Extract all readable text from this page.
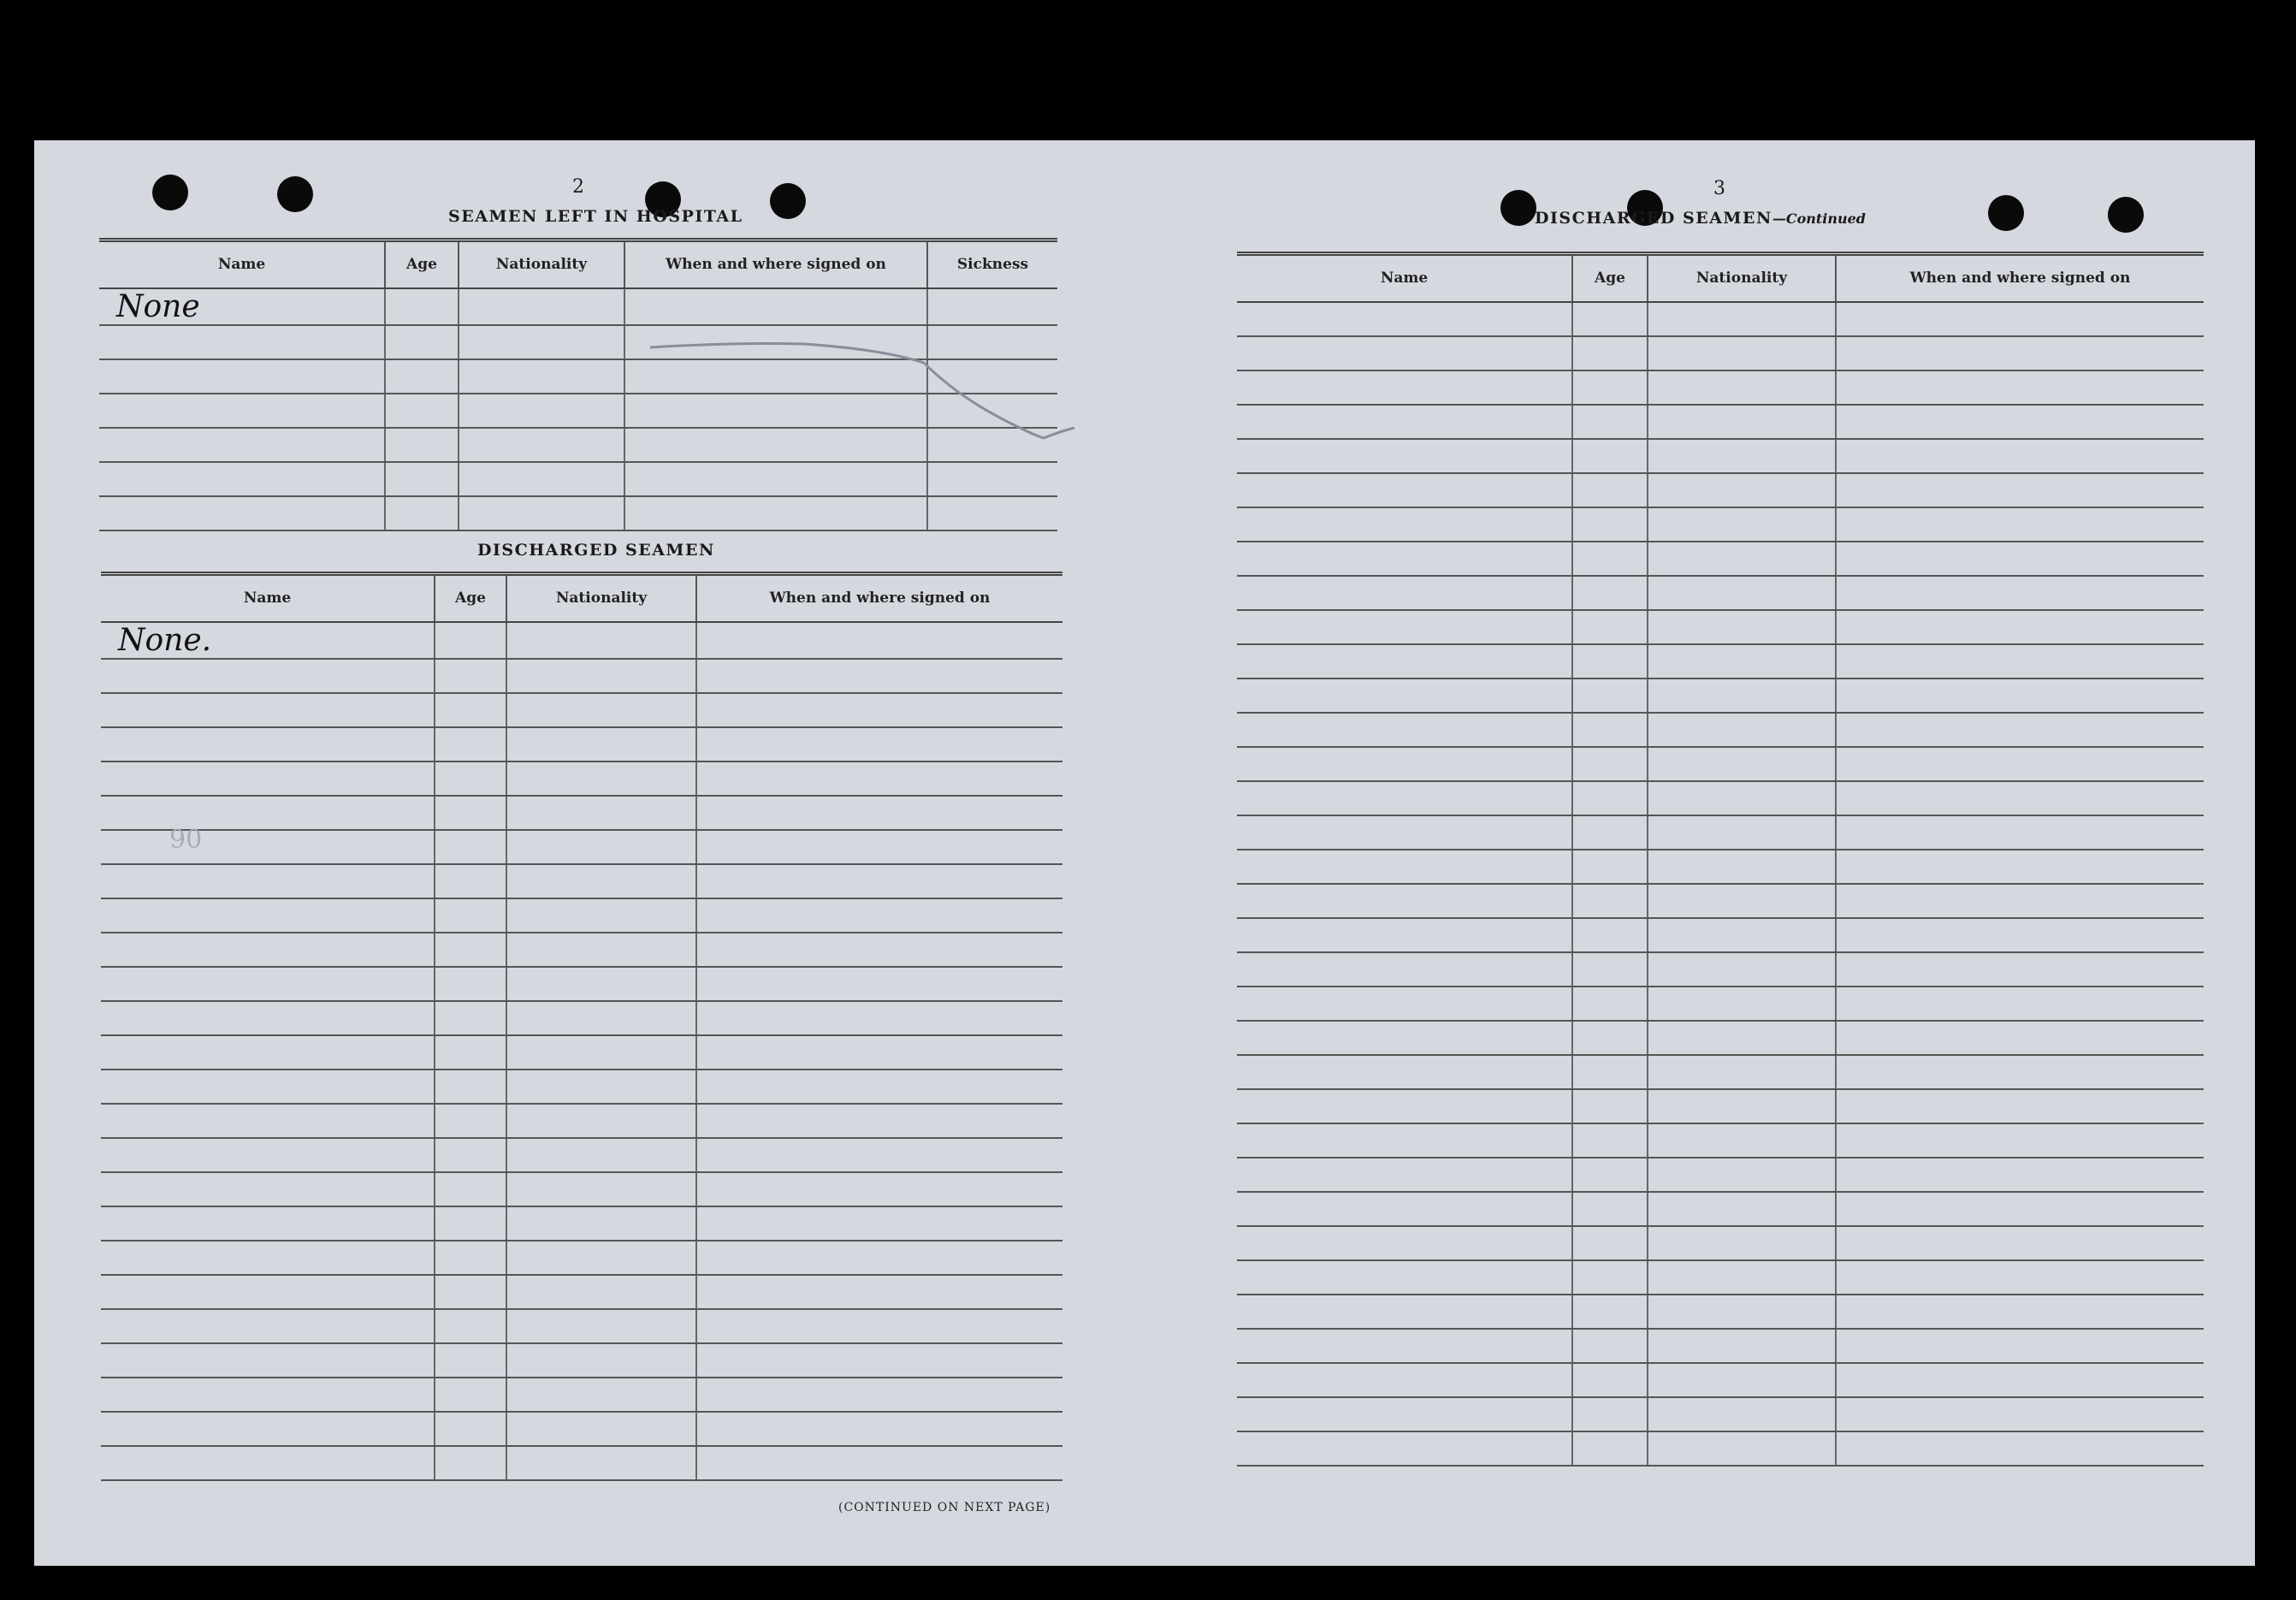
2
SEAMEN LEFT IN HOSPITAL
Name	Age	Nationality	When and where signed on	Sickness
None				

DISCHARGED SEAMEN
Name	Age	Nationality	When and where signed on
None.			

90
(CONTINUED ON NEXT PAGE)
3
DISCHARGED SEAMEN—Continued
Name	Age	Nationality	When and where signed on
